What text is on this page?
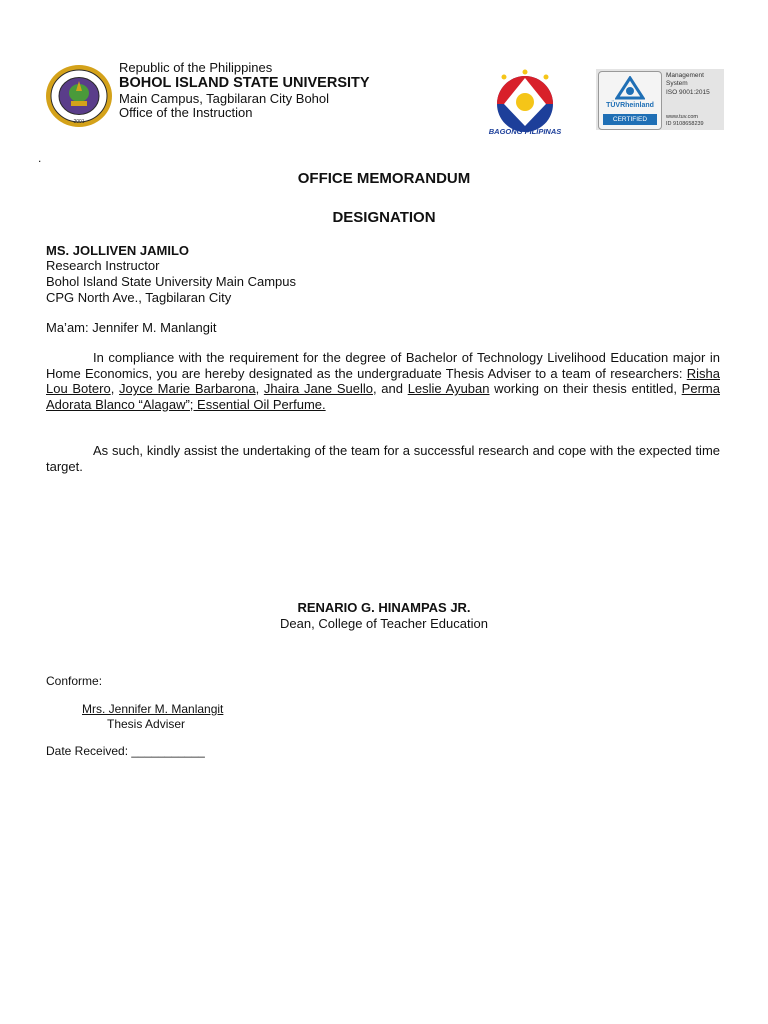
2001
Republic of the Philippines
BOHOL ISLAND STATE UNIVERSITY
Main Campus, Tagbilaran City Bohol
Office of the Instruction
BAGONG PILIPINAS
TÜVRheinland
CERTIFIED
Management
System
ISO 9001:2015
www.tuv.com
ID 9108658239
.
OFFICE MEMORANDUM
DESIGNATION
MS. JOLLIVEN JAMILO
Research Instructor
Bohol Island State University Main Campus
CPG North Ave., Tagbilaran City
Ma’am: Jennifer M. Manlangit
In compliance with the requirement for the degree of Bachelor of Technology Livelihood Education major in Home Economics, you are hereby designated as the undergraduate Thesis Adviser to a team of researchers: Risha Lou Botero, Joyce Marie Barbarona, Jhaira Jane Suello, and Leslie Ayuban working on their thesis entitled, Perma Adorata Blanco “Alagaw”; Essential Oil Perfume.
As such, kindly assist the undertaking of the team for a successful research and cope with the expected time target.
RENARIO G. HINAMPAS JR.
Dean, College of Teacher Education
Conforme:
Mrs. Jennifer M. Manlangit
Thesis Adviser
Date Received: ___________
